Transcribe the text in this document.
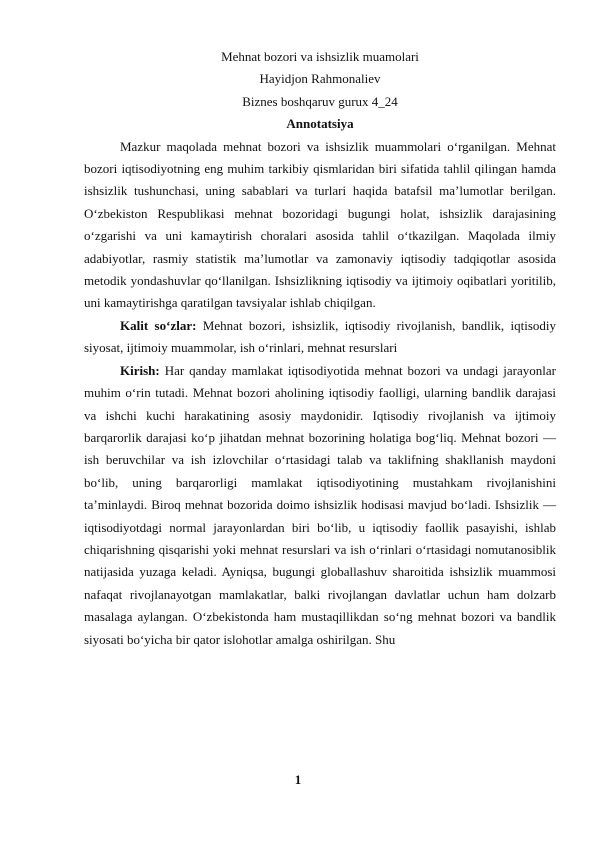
Mehnat bozori va ishsizlik muamolari

Hayidjon Rahmonaliev

Biznes boshqaruv gurux 4_24

Annotatsiya

Mazkur maqolada mehnat bozori va ishsizlik muammolari o‘rganilgan. Mehnat bozori iqtisodiyotning eng muhim tarkibiy qismlaridan biri sifatida tahlil qilingan hamda ishsizlik tushunchasi, uning sabablari va turlari haqida batafsil ma’lumotlar berilgan. O‘zbekiston Respublikasi mehnat bozoridagi bugungi holat, ishsizlik darajasining o‘zgarishi va uni kamaytirish choralari asosida tahlil o‘tkazilgan. Maqolada ilmiy adabiyotlar, rasmiy statistik ma’lumotlar va zamonaviy iqtisodiy tadqiqotlar asosida metodik yondashuvlar qo‘llanilgan. Ishsizlikning iqtisodiy va ijtimoiy oqibatlari yoritilib, uni kamaytirishga qaratilgan tavsiyalar ishlab chiqilgan.

Kalit so‘zlar: Mehnat bozori, ishsizlik, iqtisodiy rivojlanish, bandlik, iqtisodiy siyosat, ijtimoiy muammolar, ish o‘rinlari, mehnat resurslari

Kirish: Har qanday mamlakat iqtisodiyotida mehnat bozori va undagi jarayonlar muhim o‘rin tutadi. Mehnat bozori aholining iqtisodiy faolligi, ularning bandlik darajasi va ishchi kuchi harakatining asosiy maydonidir. Iqtisodiy rivojlanish va ijtimoiy barqarorlik darajasi ko‘p jihatdan mehnat bozorining holatiga bog‘liq. Mehnat bozori — ish beruvchilar va ish izlovchilar o‘rtasidagi talab va taklifning shakllanish maydoni bo‘lib, uning barqarorligi mamlakat iqtisodiyotining mustahkam rivojlanishini ta’minlaydi. Biroq mehnat bozorida doimo ishsizlik hodisasi mavjud bo‘ladi. Ishsizlik — iqtisodiyotdagi normal jarayonlardan biri bo‘lib, u iqtisodiy faollik pasayishi, ishlab chiqarishning qisqarishi yoki mehnat resurslari va ish o‘rinlari o‘rtasidagi nomutanosiblik natijasida yuzaga keladi. Ayniqsa, bugungi globallashuv sharoitida ishsizlik muammosi nafaqat rivojlanayotgan mamlakatlar, balki rivojlangan davlatlar uchun ham dolzarb masalaga aylangan. O‘zbekistonda ham mustaqillikdan so‘ng mehnat bozori va bandlik siyosati bo‘yicha bir qator islohotlar amalga oshirilgan. Shu

1
